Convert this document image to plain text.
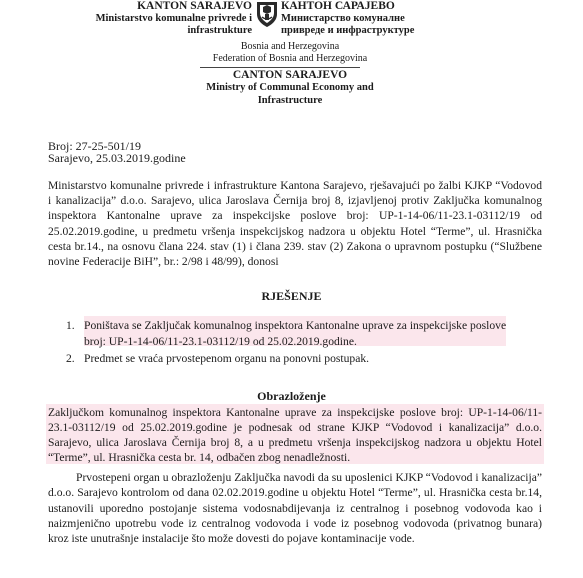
KANTON SARAJEVO
Ministarstvo komunalne privrede i
infrastrukture
КАНТОН САРАЈЕВО
Министарство комуналне
привреде и инфраструктуре
Bosnia and Herzegovina
Federation of Bosnia and Herzegovina
CANTON SARAJEVO
Ministry of Communal Economy and
Infrastructure
Broj: 27-25-501/19
Sarajevo, 25.03.2019.godine
Ministarstvo komunalne privrede i infrastrukture Kantona Sarajevo, rješavajući po žalbi KJKP “Vodovod i kanalizacija” d.o.o. Sarajevo, ulica Jaroslava Černija broj 8, izjavljenoj protiv Zaključka komunalnog inspektora Kantonalne uprave za inspekcijske poslove broj: UP-1-14-06/11-23.1-03112/19 od 25.02.2019.godine, u predmetu vršenja inspekcijskog nadzora u objektu Hotel “Terme”, ul. Hrasnička cesta br.14., na osnovu člana 224. stav (1) i člana 239. stav (2) Zakona o upravnom postupku (“Službene novine Federacije BiH”, br.: 2/98 i 48/99), donosi
RJEŠENJE
1. Poništava se Zaključak komunalnog inspektora Kantonalne uprave za inspekcijske poslove broj: UP-1-14-06/11-23.1-03112/19 od 25.02.2019.godine.
2. Predmet se vraća prvostepenom organu na ponovni postupak.
Obrazloženje
Zaključkom komunalnog inspektora Kantonalne uprave za inspekcijske poslove broj: UP-1-14-06/11-23.1-03112/19 od 25.02.2019.godine je podnesak od strane KJKP “Vodovod i kanalizacija” d.o.o. Sarajevo, ulica Jaroslava Černija broj 8, a u predmetu vršenja inspekcijskog nadzora u objektu Hotel “Terme”, ul. Hrasnička cesta br. 14, odbačen zbog nenadležnosti.
Prvostepeni organ u obrazloženju Zaključka navodi da su uposlenici KJKP “Vodovod i kanalizacija” d.o.o. Sarajevo kontrolom od dana 02.02.2019.godine u objektu Hotel “Terme”, ul. Hrasnička cesta br.14, ustanovili uporedno postojanje sistema vodosnabdijevanja iz centralnog i posebnog vodovoda kao i naizmjenično upotrebu vode iz centralnog vodovoda i vode iz posebnog vodovoda (privatnog bunara) kroz iste unutrašnje instalacije što može dovesti do pojave kontaminacije vode.
